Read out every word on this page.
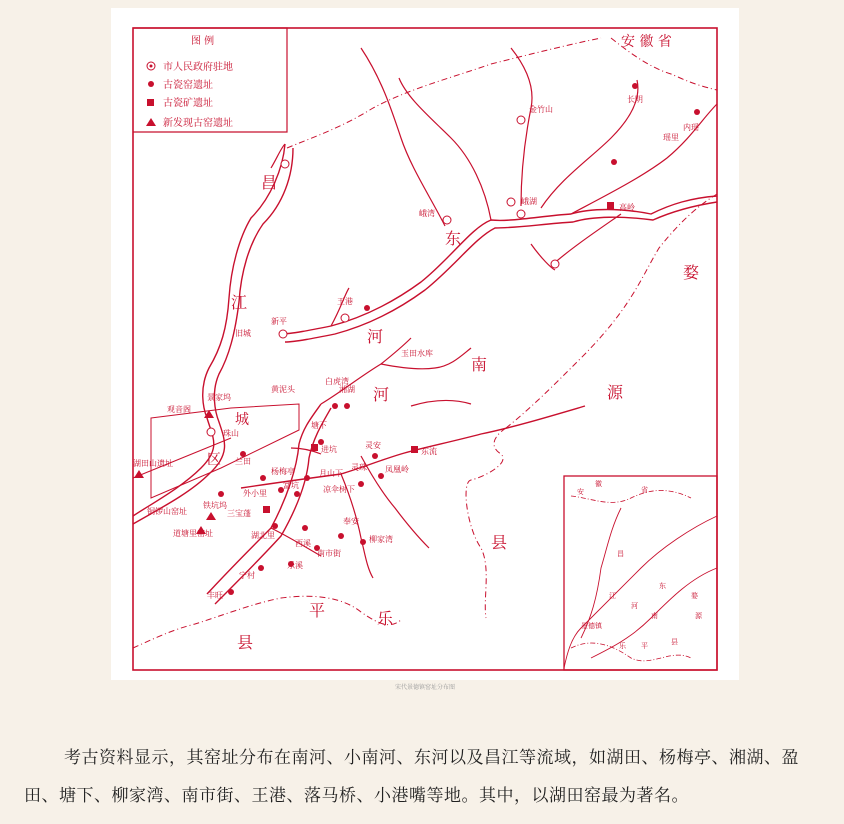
图 例
市人民政府驻地
古瓷窑遗址
古瓷矿遗址
新发现古窑遗址
安 徽 省
昌
江
东
河
南
河
婺
源
平	乐
县
县
城
区
金竹山
长明
内瑶
瑶里
高岭
峨湖
峨湾
王港
新平
旧城
玉田水库
白虎湾
黄泥头	湘湖
景家坞
观音阁
珠山
塘下
进坑	灵安
东流
兰田
杨梅亭	月山下
灵珠 凤凰岭
富坑
外小里	凉伞树下
铁坑坞
三宝蓬
湖田山遗址
铜锣山窑址
道塘里窑址	湖北里
西溪
奉安
柳家湾
南市街
宁村
乐溪
丰旺
安
徽
省
昌
江
东
河
南
婺
源
乐 平	县
景德镇
宋代景德镇窑址分布图

考古资料显示，其窑址分布在南河、小南河、东河以及昌江等流域，如湖田、杨梅亭、湘湖、盈田、塘下、柳家湾、南市街、王港、落马桥、小港嘴等地。其中，以湖田窑最为著名。
